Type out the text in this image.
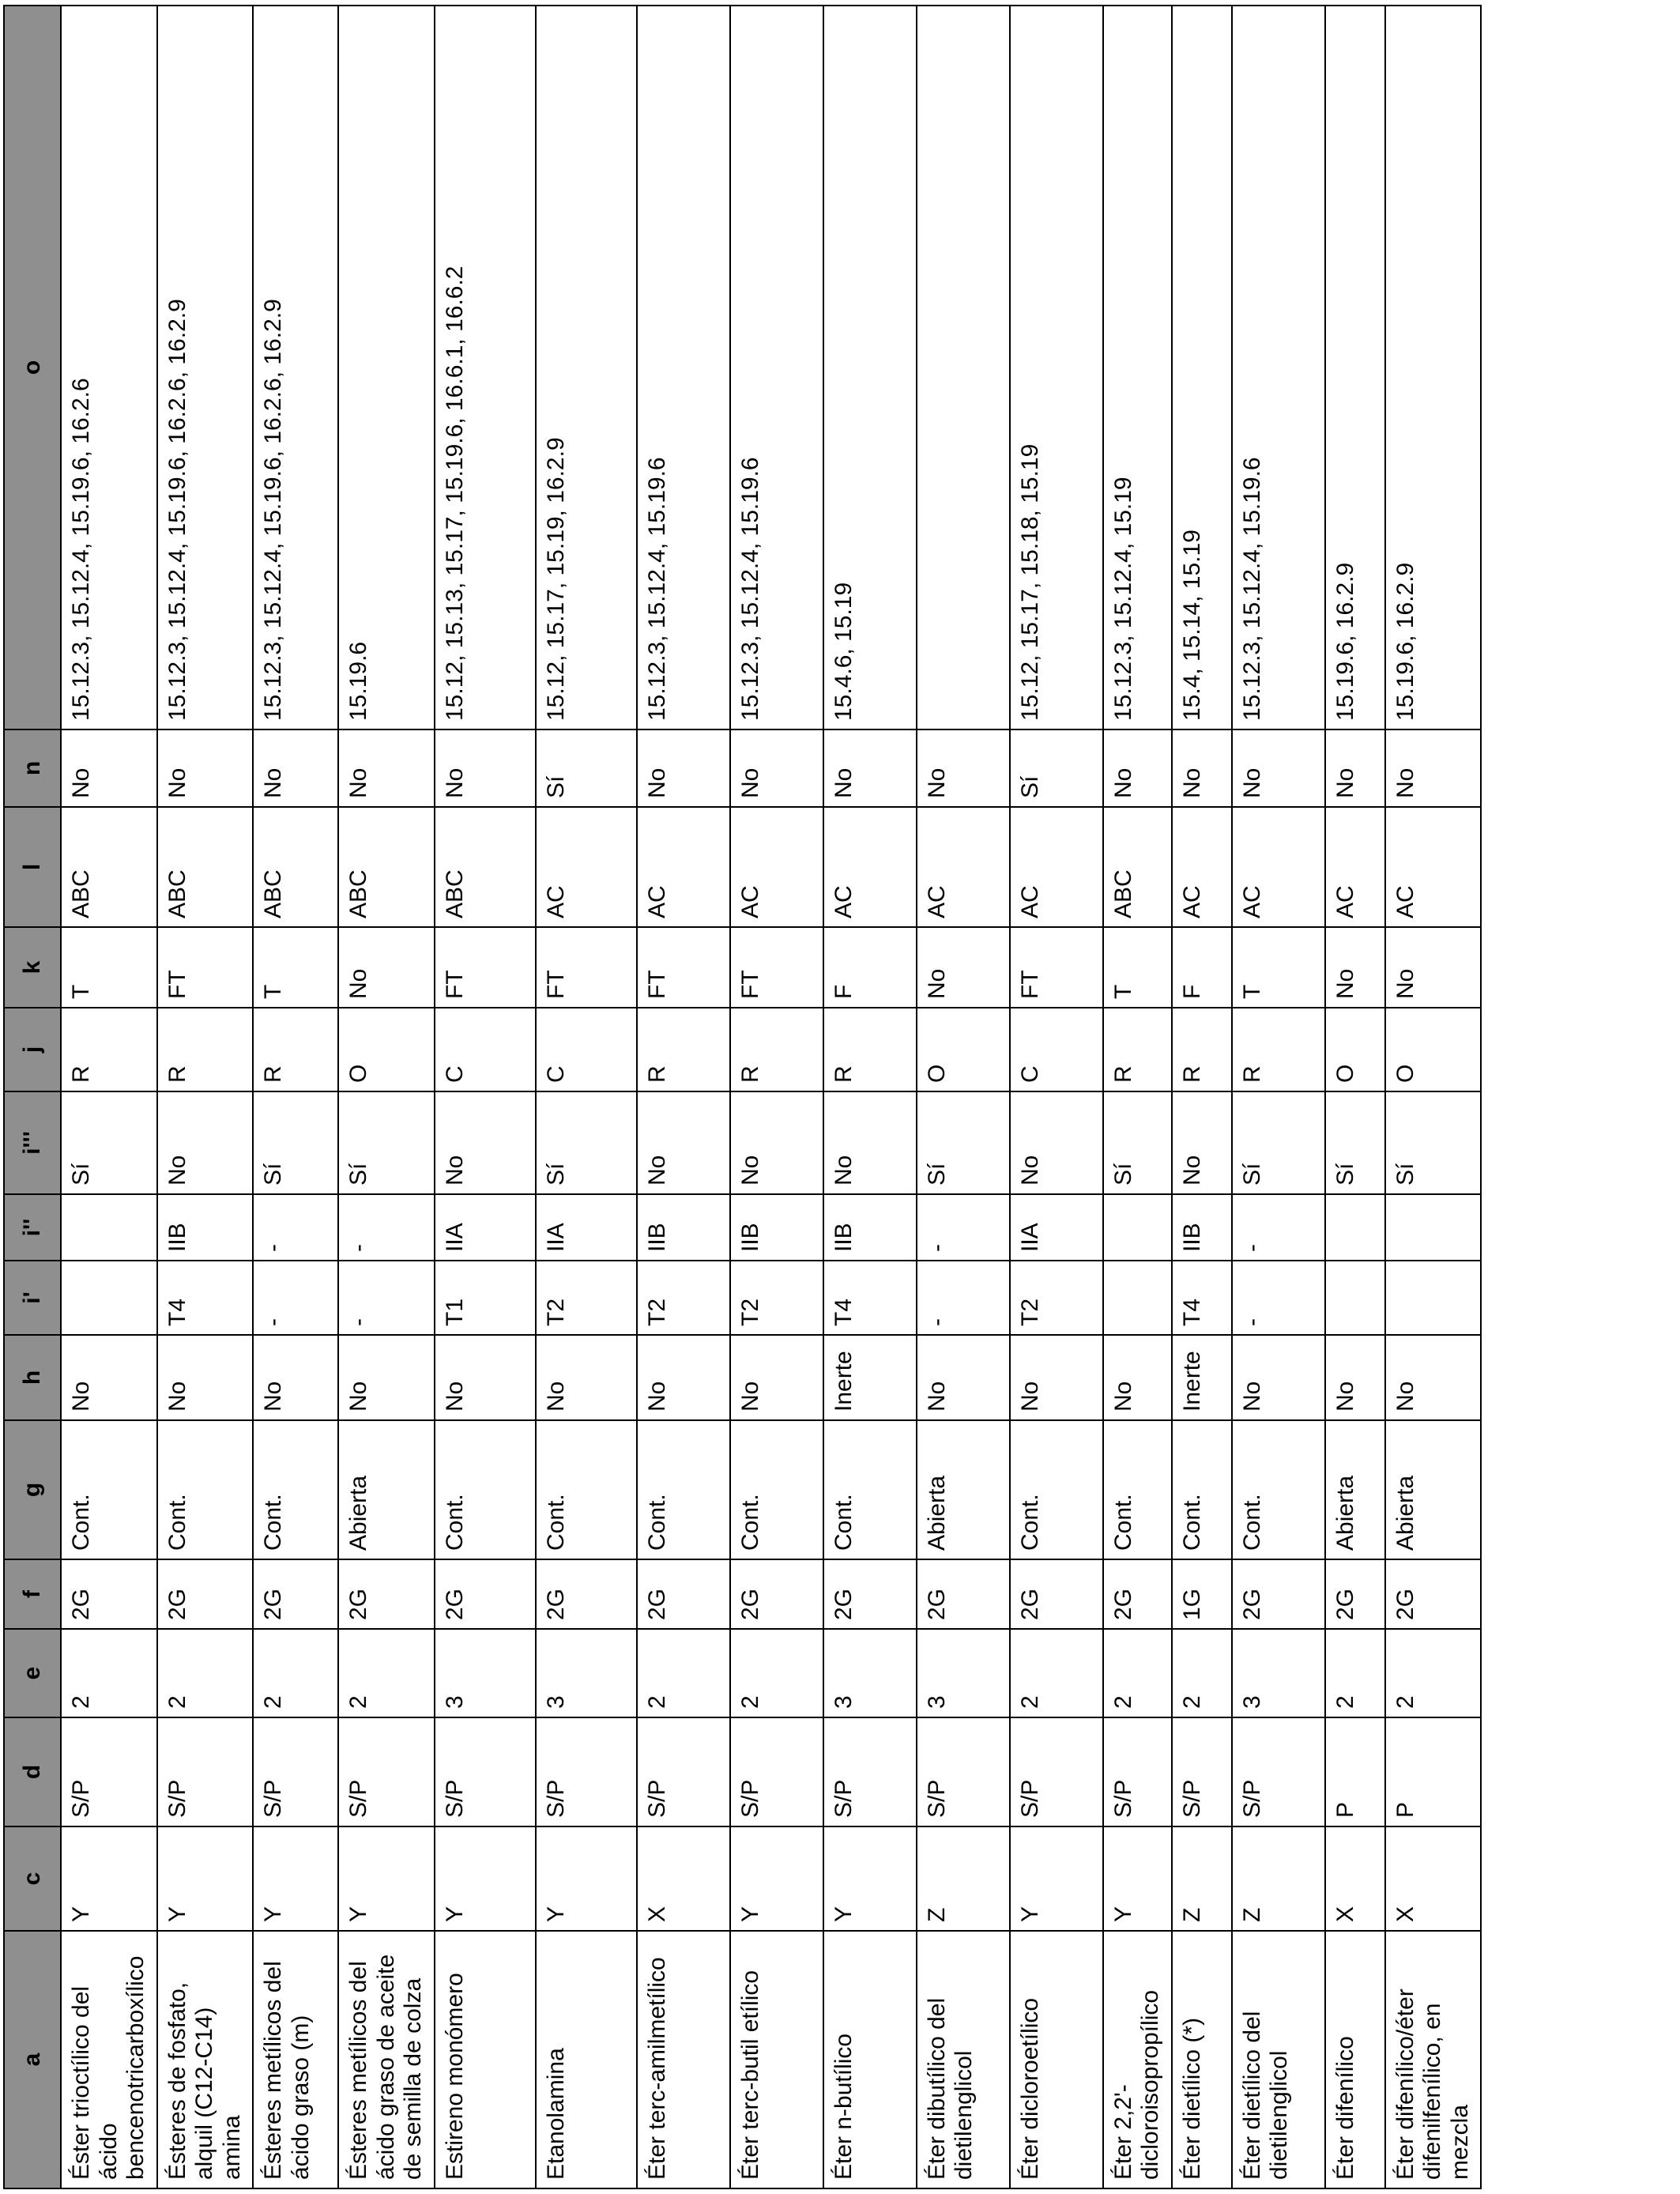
a	c	d	e	f	g	h	i'	i''	i'''	j	k	l	n	o
Éster trioctílico del ácido bencenotricarboxílico	Y	S/P	2	2G	Cont.	No			Sí	R	T	ABC	No	15.12.3, 15.12.4, 15.19.6, 16.2.6
Ésteres de fosfato, alquil (C12-C14) amina	Y	S/P	2	2G	Cont.	No	T4	IIB	No	R	FT	ABC	No	15.12.3, 15.12.4, 15.19.6, 16.2.6, 16.2.9
Ésteres metílicos del ácido graso (m)	Y	S/P	2	2G	Cont.	No	-	-	Sí	R	T	ABC	No	15.12.3, 15.12.4, 15.19.6, 16.2.6, 16.2.9
Ésteres metílicos del ácido graso de aceite de semilla de colza	Y	S/P	2	2G	Abierta	No	-	-	Sí	O	No	ABC	No	15.19.6
Estireno monómero	Y	S/P	3	2G	Cont.	No	T1	IIA	No	C	FT	ABC	No	15.12, 15.13, 15.17, 15.19.6, 16.6.1, 16.6.2
Etanolamina	Y	S/P	3	2G	Cont.	No	T2	IIA	Sí	C	FT	AC	Sí	15.12, 15.17, 15.19, 16.2.9
Éter terc-amilmetílico	X	S/P	2	2G	Cont.	No	T2	IIB	No	R	FT	AC	No	15.12.3, 15.12.4, 15.19.6
Éter terc-butil etílico	Y	S/P	2	2G	Cont.	No	T2	IIB	No	R	FT	AC	No	15.12.3, 15.12.4, 15.19.6
Éter n-butílico	Y	S/P	3	2G	Cont.	Inerte	T4	IIB	No	R	F	AC	No	15.4.6, 15.19
Éter dibutílico del dietilenglicol	Z	S/P	3	2G	Abierta	No	-	-	Sí	O	No	AC	No	
Éter dicloroetílico	Y	S/P	2	2G	Cont.	No	T2	IIA	No	C	FT	AC	Sí	15.12, 15.17, 15.18, 15.19
Éter 2,2'-dicloroisopropílico	Y	S/P	2	2G	Cont.	No			Sí	R	T	ABC	No	15.12.3, 15.12.4, 15.19
Éter dietílico (*)	Z	S/P	2	1G	Cont.	Inerte	T4	IIB	No	R	F	AC	No	15.4, 15.14, 15.19
Éter dietílico del dietilenglicol	Z	S/P	3	2G	Cont.	No	-	-	Sí	R	T	AC	No	15.12.3, 15.12.4, 15.19.6
Éter difenílico	X	P	2	2G	Abierta	No			Sí	O	No	AC	No	15.19.6, 16.2.9
Éter difenílico/éter difenilfenílico, en mezcla	X	P	2	2G	Abierta	No			Sí	O	No	AC	No	15.19.6, 16.2.9
